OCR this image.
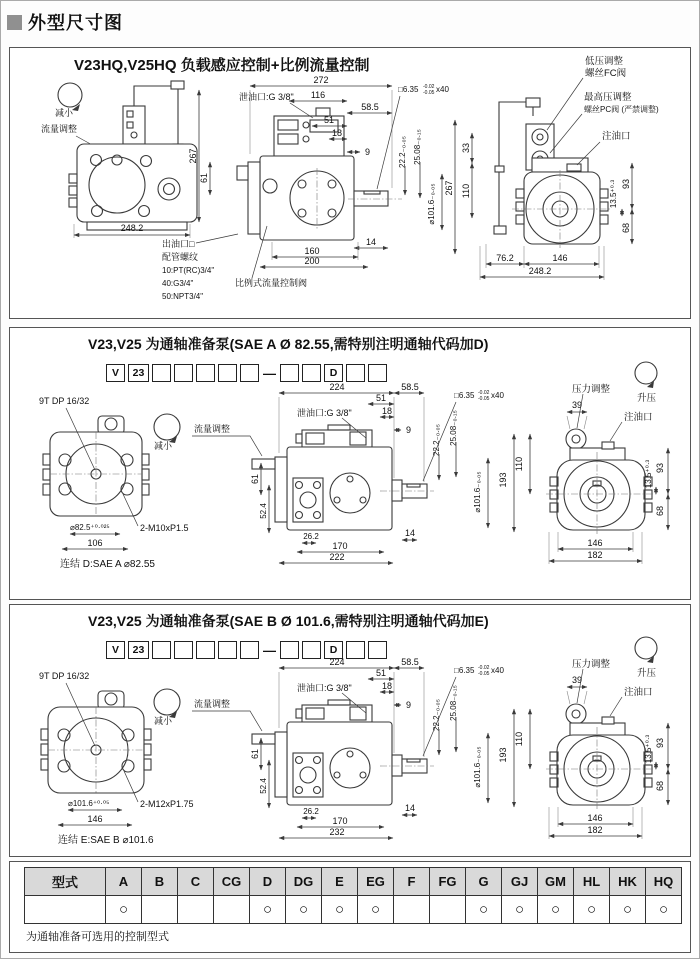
外型尺寸图
V23HQ,V25HQ 负载感应控制+比例流量控制
减小
流量调整
248.2
267
61
出油口□
配管螺纹
10:PT(RC)3/4"
40:G3/4"
50:NPT3/4"
272
116
58.5
51
18
9
泄油口:G 3/8"
□6.35 -0.02
-0.05 x40
22.2₋₀.₀₅ 25.08₋₀.₁₅
⌀101.6₋₀.₀₅
14
160
200
比例式流量控制阀
267
33
110
低压调整
螺丝FC阀
最高压调整
螺丝PC阀 (严禁调整)
注油口
13.5⁺⁰·³ 93
68
76.2	146
248.2
V23,V25 为通轴准备泵(SAE A Ø 82.55,需特别注明通轴代码加D)
V	23	—	D
9T DP 16/32
减小
流量调整
⌀82.5⁺⁰·⁰²⁵
106
2-M10xP1.5
连结 D:SAE A ⌀82.55
泄油口:G 3/8"
224	58.5
51
18
9
□6.35 -0.02
-0.05 x40
22.2₋₀.₀₅ 25.08₋₀.₁₅
61
52.4
26.2
170
222
14
⌀101.6₋₀.₀₅
压力调整
升压
39
注油口
110
193	13.5⁺⁰·³ 93
68
146
182
V23,V25 为通轴准备泵(SAE B Ø 101.6,需特别注明通轴代码加E)
V	23	—	D
9T DP 16/32
减小
流量调整
⌀101.6⁺⁰·⁰⁵
146
2-M12xP1.75
连结 E:SAE B ⌀101.6
泄油口:G 3/8"
224	58.5
51
18
9
□6.35 -0.02
-0.05 x40
22.2₋₀.₀₅ 25.08₋₀.₁₅
61
52.4
26.2
170
232
14
⌀101.6₋₀.₀₅
压力调整
升压
39
注油口
110
193	13.5⁺⁰·³ 93
68
146
182
型式	A	B	C	CG	D	DG	E	EG	F	FG	G	GJ	GM	HL	HK	HQ
	○				○	○	○	○			○	○	○	○	○	○
为通轴准备可选用的控制型式
